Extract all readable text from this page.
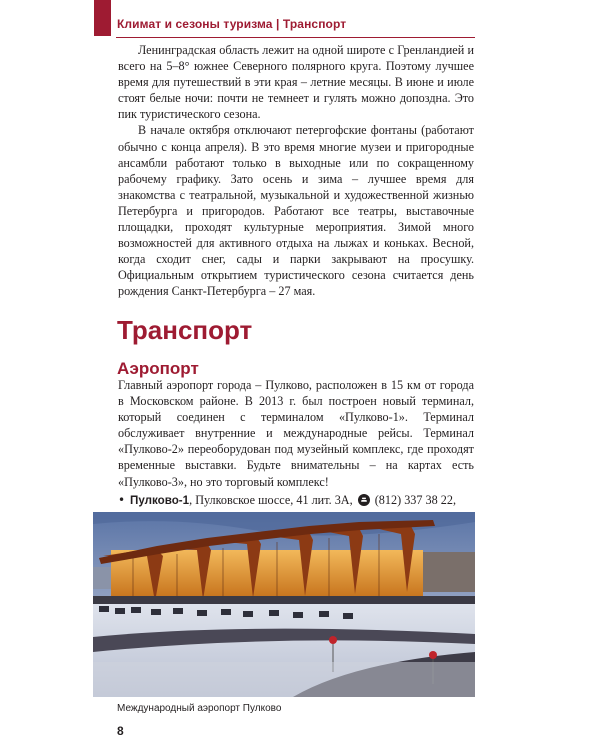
Климат и сезоны туризма | Транспорт

Ленинградская область лежит на одной широте с Гренландией и всего на 5–8° южнее Северного полярного круга. Поэтому лучшее время для путешествий в эти края – летние месяцы. В июне и июле стоят белые ночи: почти не темнеет и гулять можно допоздна. Это пик туристического сезона.

В начале октября отключают петергофские фонтаны (работают обычно с конца апреля). В это время многие музеи и пригородные ансамбли работают только в выходные или по сокращенному рабочему графику. Зато осень и зима – лучшее время для знакомства с театральной, музыкальной и художественной жизнью Петербурга и пригородов. Работают все театры, выставочные площадки, проходят культурные мероприятия. Зимой много возможностей для активного отдыха на лыжах и коньках. Весной, когда сходит снег, сады и парки закрывают на просушку. Официальным открытием туристического сезона считается день рождения Санкт-Петербурга – 27 мая.

Транспорт
Аэропорт

Главный аэропорт города – Пулково, расположен в 15 км от города в Московском районе. В 2013 г. был построен новый терминал, который соединен с терминалом «Пулково-1». Терминал обслуживает внутренние и международные рейсы. Терминал «Пулково-2» переоборудован под музейный комплекс, где проходят временные выставки. Будьте внимательны – на картах есть «Пулково-3», но это торговый комплекс!

• Пулково-1, Пулковское шоссе, 41 лит. 3А, (812) 337 38 22,

Международный аэропорт Пулково
8
